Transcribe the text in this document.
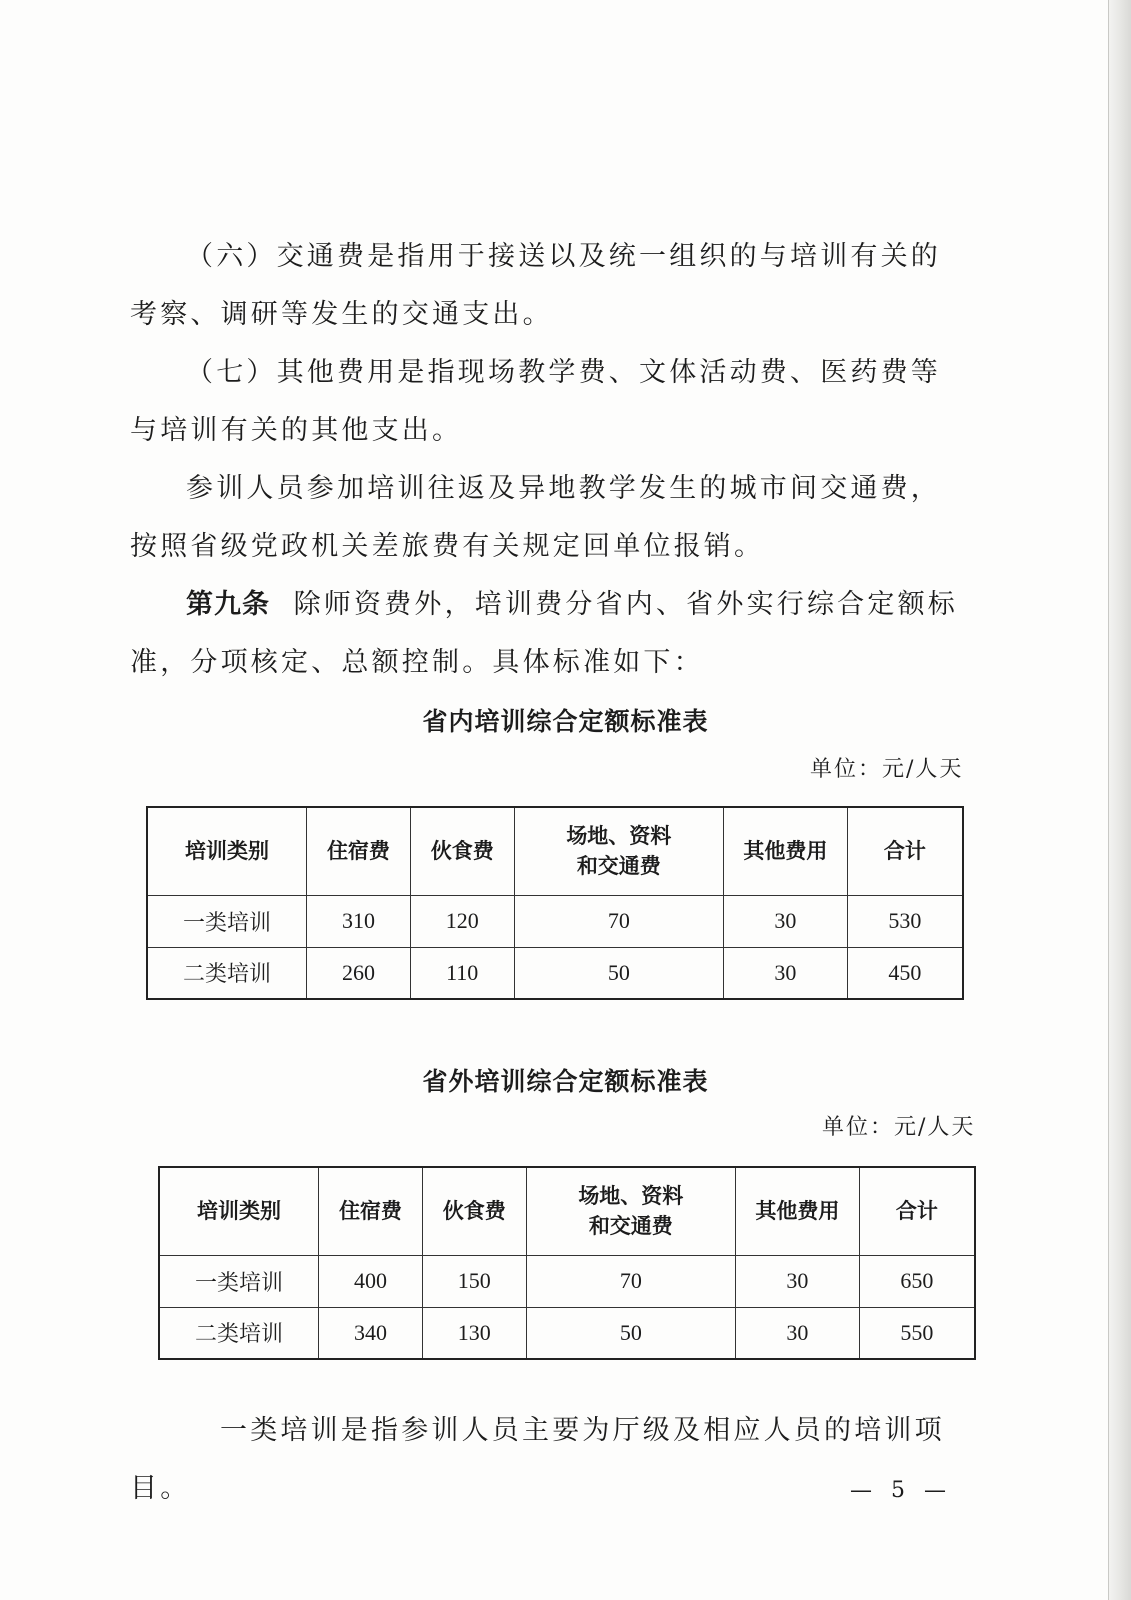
（六）交通费是指用于接送以及统一组织的与培训有关的考察、调研等发生的交通支出。

（七）其他费用是指现场教学费、文体活动费、医药费等与培训有关的其他支出。

参训人员参加培训往返及异地教学发生的城市间交通费，按照省级党政机关差旅费有关规定回单位报销。

第九条 除师资费外，培训费分省内、省外实行综合定额标准，分项核定、总额控制。具体标准如下：

省内培训综合定额标准表

单位：元/人天

培训类别	住宿费	伙食费	场地、资料
和交通费	其他费用	合计
一类培训	310	120	70	30	530
二类培训	260	110	50	30	450

省外培训综合定额标准表

单位：元/人天

培训类别	住宿费	伙食费	场地、资料
和交通费	其他费用	合计
一类培训	400	150	70	30	650
二类培训	340	130	50	30	550

一类培训是指参训人员主要为厅级及相应人员的培训项目。	— 5 —
